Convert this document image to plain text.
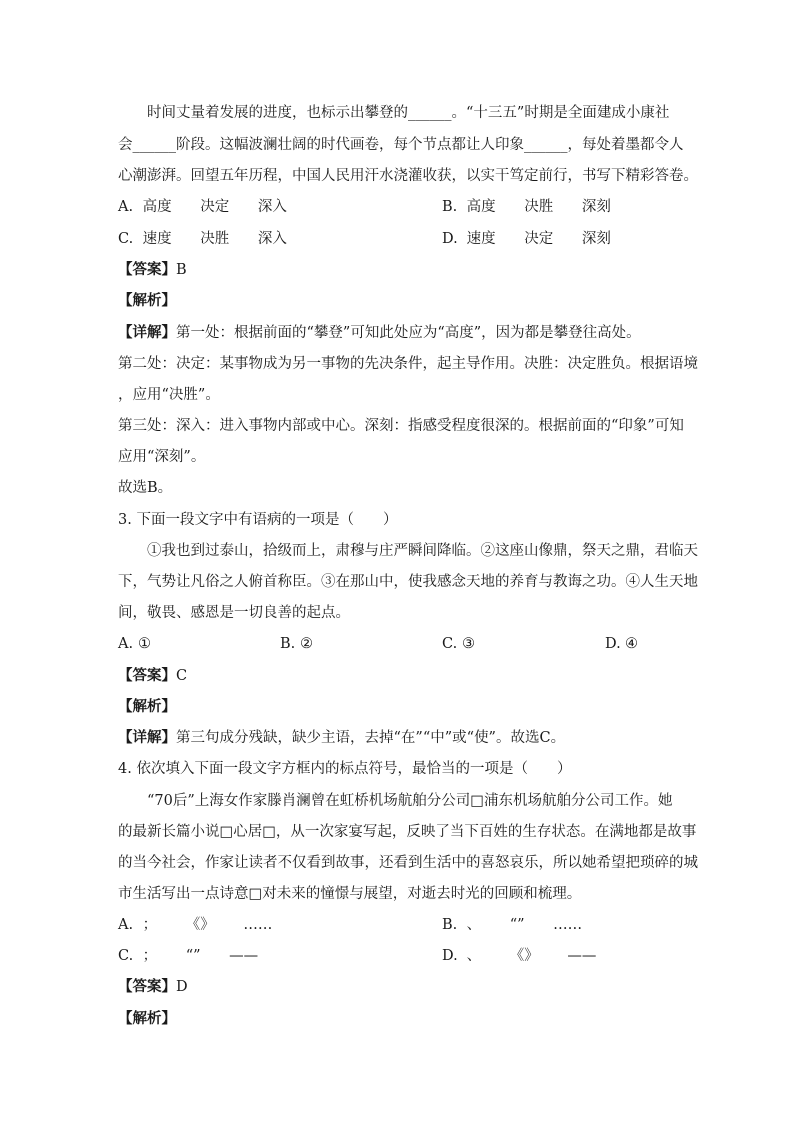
时间丈量着发展的进度，也标示出攀登的______。“十三五”时期是全面建成小康社
会______阶段。这幅波澜壮阔的时代画卷，每个节点都让人印象______，每处着墨都令人
心潮澎湃。回望五年历程，中国人民用汗水浇灌收获，以实干笃定前行，书写下精彩答卷。
A. 高度 决定 深入	B. 高度 决胜 深刻
C. 速度 决胜 深入	D. 速度 决定 深刻
【答案】B
【解析】
【详解】第一处：根据前面的“攀登”可知此处应为“高度”，因为都是攀登往高处。
第二处：决定：某事物成为另一事物的先决条件，起主导作用。决胜：决定胜负。根据语境
，应用“决胜”。
第三处：深入：进入事物内部或中心。深刻：指感受程度很深的。根据前面的“印象”可知
应用“深刻”。
故选B。
3. 下面一段文字中有语病的一项是（　　）
①我也到过泰山，拾级而上，肃穆与庄严瞬间降临。②这座山像鼎，祭天之鼎，君临天
下，气势让凡俗之人俯首称臣。③在那山中，使我感念天地的养育与教诲之功。④人生天地
间，敬畏、感恩是一切良善的起点。
A. ①	B. ②	C. ③	D. ④
【答案】C
【解析】
【详解】第三句成分残缺，缺少主语，去掉“在”“中”或“使”。故选C。
4. 依次填入下面一段文字方框内的标点符号，最恰当的一项是（　　）
“70后”上海女作家滕肖澜曾在虹桥机场航舶分公司□浦东机场航舶分公司工作。她
的最新长篇小说□心居□，从一次家宴写起，反映了当下百姓的生存状态。在满地都是故事
的当今社会，作家让读者不仅看到故事，还看到生活中的喜怒哀乐，所以她希望把琐碎的城
市生活写出一点诗意□对未来的憧憬与展望，对逝去时光的回顾和梳理。
A. ； 《》 ……	B. 、 “” ……
C. ； “” ——	D. 、 《》 ——
【答案】D
【解析】
